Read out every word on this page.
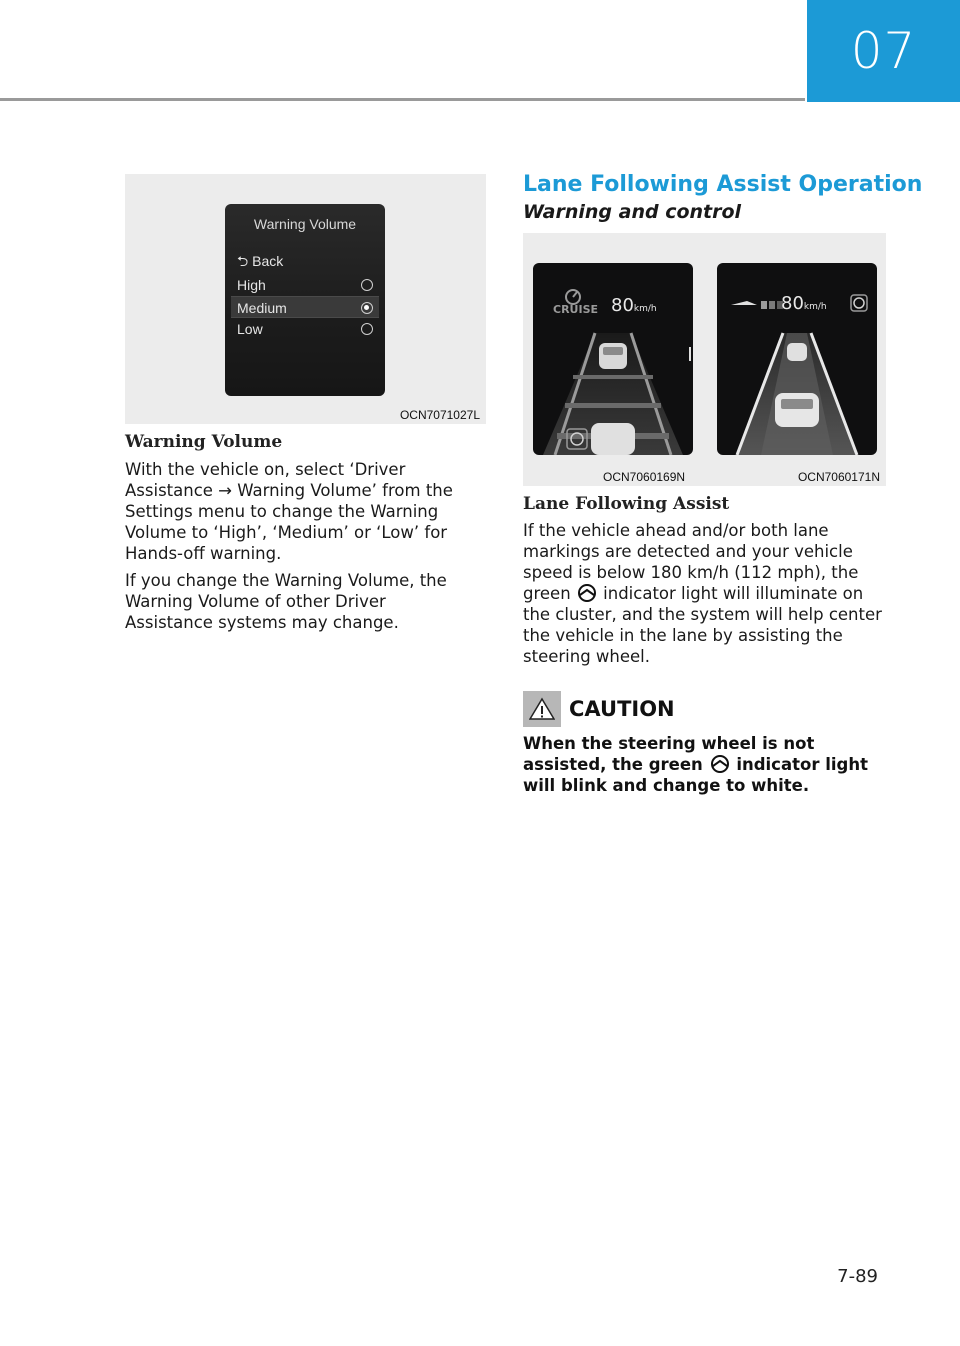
07
Warning Volume
⮌ Back
High
Medium
Low
OCN7071027L
Warning Volume
With the vehicle on, select ‘Driver Assistance → Warning Volume’ from the Settings menu to change the Warning Volume to ‘High’, ‘Medium’ or ‘Low’ for Hands-off warning.
If you change the Warning Volume, the Warning Volume of other Driver Assistance systems may change.
Lane Following Assist Operation
Warning and control
CRUISE 80km/h
OCN7060169N
80km/h
OCN7060171N
Lane Following Assist
If the vehicle ahead and/or both lane markings are detected and your vehicle speed is below 180 km/h (112 mph), the green indicator light will illuminate on the cluster, and the system will help center the vehicle in the lane by assisting the steering wheel.
CAUTION
When the steering wheel is not assisted, the green indicator light will blink and change to white.
7-89
